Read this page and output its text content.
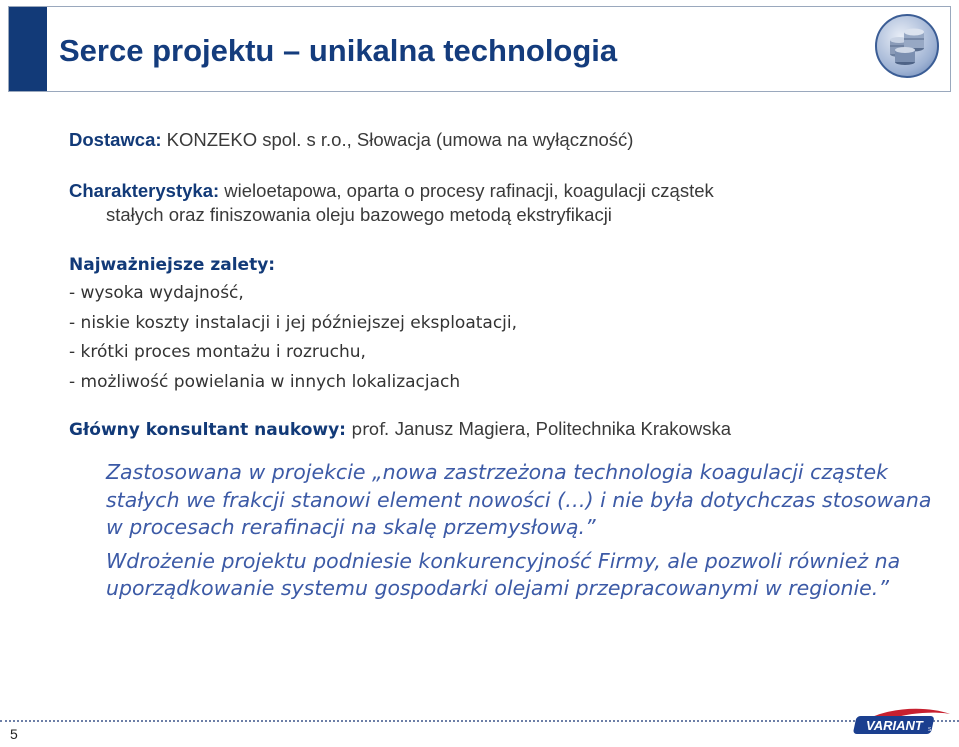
Serce projektu – unikalna technologia

Dostawca: KONZEKO spol. s r.o., Słowacja (umowa na wyłączność)

Charakterystyka: wieloetapowa, oparta o procesy rafinacji, koagulacji cząstek

stałych oraz finiszowania oleju bazowego metodą ekstryfikacji

Najważniejsze zalety:

- wysoka wydajność,
- niskie koszty instalacji i jej późniejszej eksploatacji,
- krótki proces montażu i rozruchu,
- możliwość powielania w innych lokalizacjach

Główny konsultant naukowy: prof. Janusz Magiera, Politechnika Krakowska

Zastosowana w projekcie „nowa zastrzeżona technologia koagulacji cząstek stałych we frakcji stanowi element nowości (…) i nie była dotychczas stosowana w procesach rerafinacji na skalę przemysłową.”

Wdrożenie projektu podniesie konkurencyjność Firmy, ale pozwoli również na uporządkowanie systemu gospodarki olejami przepracowanymi w regionie.”

5
VARIANT S.A.
